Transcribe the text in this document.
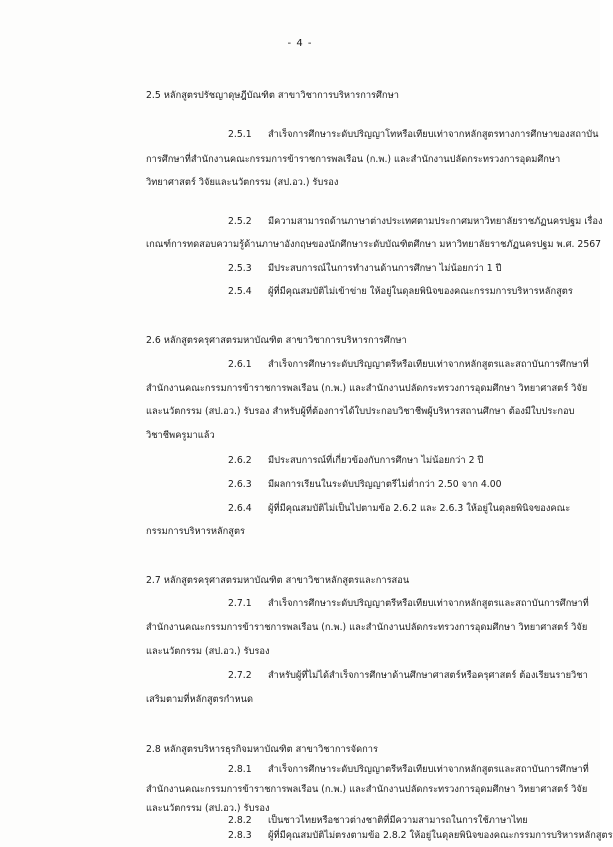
- 4 -
2.5 หลักสูตรปรัชญาดุษฎีบัณฑิต สาขาวิชาการบริหารการศึกษา
2.5.1 สำเร็จการศึกษาระดับปริญญาโทหรือเทียบเท่าจากหลักสูตรทางการศึกษาของสถาบัน
การศึกษาที่สำนักงานคณะกรรมการข้าราชการพลเรือน (ก.พ.) และสำนักงานปลัดกระทรวงการอุดมศึกษา
วิทยาศาสตร์ วิจัยและนวัตกรรม (สป.อว.) รับรอง
2.5.2 มีความสามารถด้านภาษาต่างประเทศตามประกาศมหาวิทยาลัยราชภัฏนครปฐม เรื่อง
เกณฑ์การทดสอบความรู้ด้านภาษาอังกฤษของนักศึกษาระดับบัณฑิตศึกษา มหาวิทยาลัยราชภัฏนครปฐม พ.ศ. 2567
2.5.3 มีประสบการณ์ในการทำงานด้านการศึกษา ไม่น้อยกว่า 1 ปี
2.5.4 ผู้ที่มีคุณสมบัติไม่เข้าข่าย ให้อยู่ในดุลยพินิจของคณะกรรมการบริหารหลักสูตร
2.6 หลักสูตรครุศาสตรมหาบัณฑิต สาขาวิชาการบริหารการศึกษา
2.6.1 สำเร็จการศึกษาระดับปริญญาตรีหรือเทียบเท่าจากหลักสูตรและสถาบันการศึกษาที่
สำนักงานคณะกรรมการข้าราชการพลเรือน (ก.พ.) และสำนักงานปลัดกระทรวงการอุดมศึกษา วิทยาศาสตร์ วิจัย
และนวัตกรรม (สป.อว.) รับรอง สำหรับผู้ที่ต้องการได้ใบประกอบวิชาชีพผู้บริหารสถานศึกษา ต้องมีใบประกอบ
วิชาชีพครูมาแล้ว
2.6.2 มีประสบการณ์ที่เกี่ยวข้องกับการศึกษา ไม่น้อยกว่า 2 ปี
2.6.3 มีผลการเรียนในระดับปริญญาตรีไม่ต่ำกว่า 2.50 จาก 4.00
2.6.4 ผู้ที่มีคุณสมบัติไม่เป็นไปตามข้อ 2.6.2 และ 2.6.3 ให้อยู่ในดุลยพินิจของคณะ
กรรมการบริหารหลักสูตร
2.7 หลักสูตรครุศาสตรมหาบัณฑิต สาขาวิชาหลักสูตรและการสอน
2.7.1 สำเร็จการศึกษาระดับปริญญาตรีหรือเทียบเท่าจากหลักสูตรและสถาบันการศึกษาที่
สำนักงานคณะกรรมการข้าราชการพลเรือน (ก.พ.) และสำนักงานปลัดกระทรวงการอุดมศึกษา วิทยาศาสตร์ วิจัย
และนวัตกรรม (สป.อว.) รับรอง
2.7.2 สำหรับผู้ที่ไม่ได้สำเร็จการศึกษาด้านศึกษาศาสตร์หรือครุศาสตร์ ต้องเรียนรายวิชา
เสริมตามที่หลักสูตรกำหนด
2.8 หลักสูตรบริหารธุรกิจมหาบัณฑิต สาขาวิชาการจัดการ
2.8.1 สำเร็จการศึกษาระดับปริญญาตรีหรือเทียบเท่าจากหลักสูตรและสถาบันการศึกษาที่
สำนักงานคณะกรรมการข้าราชการพลเรือน (ก.พ.) และสำนักงานปลัดกระทรวงการอุดมศึกษา วิทยาศาสตร์ วิจัย
และนวัตกรรม (สป.อว.) รับรอง
2.8.2 เป็นชาวไทยหรือชาวต่างชาติที่มีความสามารถในการใช้ภาษาไทย
2.8.3 ผู้ที่มีคุณสมบัติไม่ตรงตามข้อ 2.8.2 ให้อยู่ในดุลยพินิจของคณะกรรมการบริหารหลักสูตร
